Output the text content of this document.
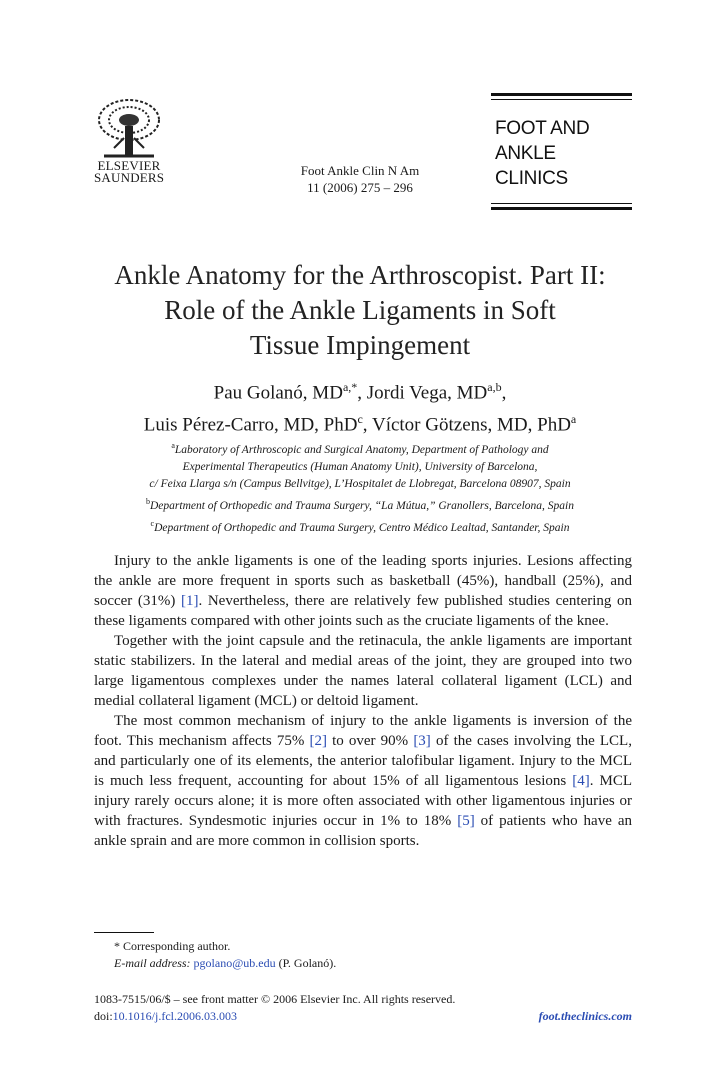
ELSEVIER
SAUNDERS	Foot Ankle Clin N Am
11 (2006) 275 – 296
FOOT AND
ANKLE CLINICS
Ankle Anatomy for the Arthroscopist. Part II:
Role of the Ankle Ligaments in Soft
Tissue Impingement
Pau Golanó, $MD^{a,*}$, Jordi Vega, MD$^{a,b}$,
Luis Pérez-Carro, MD, PhD$^c$, Víctor Götzens, MD, PhD$^a$
$^a$Laboratory of Arthroscopic and Surgical Anatomy, Department of Pathology and
Experimental Therapeutics (Human Anatomy Unit), University of Barcelona,
c/ Feixa Llarga s/n (Campus Bellvitge), L’Hospitalet de Llobregat, Barcelona 08907, Spain
$^b$Department of Orthopedic and Trauma Surgery, “La Mútua,” Granollers, Barcelona, Spain
$^c$Department of Orthopedic and Trauma Surgery, Centro Médico Lealtad, Santander, Spain

Injury to the ankle ligaments is one of the leading sports injuries. Lesions affecting the ankle are more frequent in sports such as basketball (45%), handball (25%), and soccer (31%) [1]. Nevertheless, there are relatively few published studies centering on these ligaments compared with other joints such as the cruciate ligaments of the knee.

Together with the joint capsule and the retinacula, the ankle ligaments are important static stabilizers. In the lateral and medial areas of the joint, they are grouped into two large ligamentous complexes under the names lateral collateral ligament (LCL) and medial collateral ligament (MCL) or deltoid ligament.

The most common mechanism of injury to the ankle ligaments is inversion of the foot. This mechanism affects 75% [2] to over 90% [3] of the cases involving the LCL, and particularly one of its elements, the anterior talofibular ligament. Injury to the MCL is much less frequent, accounting for about 15% of all ligamentous lesions [4]. MCL injury rarely occurs alone; it is more often associated with other ligamentous injuries or with fractures. Syndesmotic injuries occur in 1% to 18% [5] of patients who have an ankle sprain and are more common in collision sports.

* Corresponding author.
E-mail address: pgolano@ub.edu (P. Golanó).
1083-7515/06/$ – see front matter © 2006 Elsevier Inc. All rights reserved.
doi:10.1016/j.fcl.2006.03.003	foot.theclinics.com
